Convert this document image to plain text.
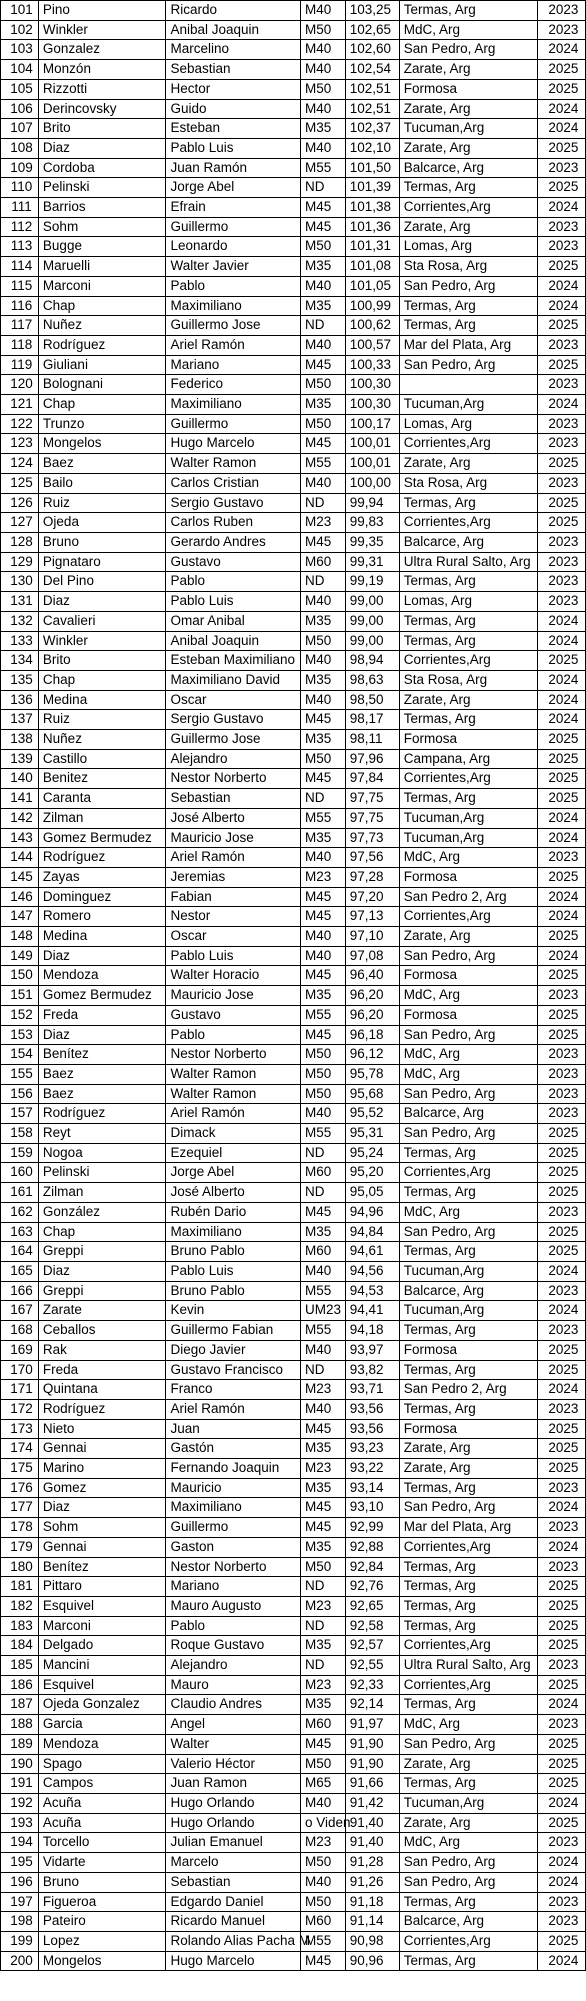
101	Pino	Ricardo	M40	103,25	Termas, Arg	2023
102	Winkler	Anibal Joaquin	M50	102,65	MdC, Arg	2023
103	Gonzalez	Marcelino	M40	102,60	San Pedro, Arg	2024
104	Monzón	Sebastian	M40	102,54	Zarate, Arg	2025
105	Rizzotti	Hector	M50	102,51	Formosa	2025
106	Derincovsky	Guido	M40	102,51	Zarate, Arg	2024
107	Brito	Esteban	M35	102,37	Tucuman,Arg	2024
108	Diaz	Pablo Luis	M40	102,10	Zarate, Arg	2025
109	Cordoba	Juan Ramón	M55	101,50	Balcarce, Arg	2023
110	Pelinski	Jorge Abel	ND	101,39	Termas, Arg	2025
111	Barrios	Efrain	M45	101,38	Corrientes,Arg	2024
112	Sohm	Guillermo	M45	101,36	Zarate, Arg	2023
113	Bugge	Leonardo	M50	101,31	Lomas, Arg	2023
114	Maruelli	Walter Javier	M35	101,08	Sta Rosa, Arg	2025
115	Marconi	Pablo	M40	101,05	San Pedro, Arg	2024
116	Chap	Maximiliano	M35	100,99	Termas, Arg	2024
117	Nuñez	Guillermo Jose	ND	100,62	Termas, Arg	2025
118	Rodríguez	Ariel Ramón	M40	100,57	Mar del Plata, Arg	2023
119	Giuliani	Mariano	M45	100,33	San Pedro, Arg	2025
120	Bolognani	Federico	M50	100,30		2023
121	Chap	Maximiliano	M35	100,30	Tucuman,Arg	2024
122	Trunzo	Guillermo	M50	100,17	Lomas, Arg	2023
123	Mongelos	Hugo Marcelo	M45	100,01	Corrientes,Arg	2023
124	Baez	Walter Ramon	M55	100,01	Zarate, Arg	2025
125	Bailo	Carlos Cristian	M40	100,00	Sta Rosa, Arg	2023
126	Ruiz	Sergio Gustavo	ND	99,94	Termas, Arg	2025
127	Ojeda	Carlos Ruben	M23	99,83	Corrientes,Arg	2025
128	Bruno	Gerardo Andres	M45	99,35	Balcarce, Arg	2023
129	Pignataro	Gustavo	M60	99,31	Ultra Rural Salto, Arg	2023
130	Del Pino	Pablo	ND	99,19	Termas, Arg	2023
131	Diaz	Pablo Luis	M40	99,00	Lomas, Arg	2023
132	Cavalieri	Omar Anibal	M35	99,00	Termas, Arg	2024
133	Winkler	Anibal Joaquin	M50	99,00	Termas, Arg	2024
134	Brito	Esteban Maximiliano	M40	98,94	Corrientes,Arg	2025
135	Chap	Maximiliano David	M35	98,63	Sta Rosa, Arg	2024
136	Medina	Oscar	M40	98,50	Zarate, Arg	2024
137	Ruiz	Sergio Gustavo	M45	98,17	Termas, Arg	2024
138	Nuñez	Guillermo Jose	M35	98,11	Formosa	2025
139	Castillo	Alejandro	M50	97,96	Campana, Arg	2025
140	Benitez	Nestor Norberto	M45	97,84	Corrientes,Arg	2025
141	Caranta	Sebastian	ND	97,75	Termas, Arg	2025
142	Zilman	José Alberto	M55	97,75	Tucuman,Arg	2024
143	Gomez Bermudez	Mauricio Jose	M35	97,73	Tucuman,Arg	2024
144	Rodríguez	Ariel Ramón	M40	97,56	MdC, Arg	2023
145	Zayas	Jeremias	M23	97,28	Formosa	2025
146	Dominguez	Fabian	M45	97,20	San Pedro 2, Arg	2024
147	Romero	Nestor	M45	97,13	Corrientes,Arg	2024
148	Medina	Oscar	M40	97,10	Zarate, Arg	2025
149	Diaz	Pablo Luis	M40	97,08	San Pedro, Arg	2024
150	Mendoza	Walter Horacio	M45	96,40	Formosa	2025
151	Gomez Bermudez	Mauricio Jose	M35	96,20	MdC, Arg	2023
152	Freda	Gustavo	M55	96,20	Formosa	2025
153	Diaz	Pablo	M45	96,18	San Pedro, Arg	2025
154	Benítez	Nestor Norberto	M50	96,12	MdC, Arg	2023
155	Baez	Walter Ramon	M50	95,78	MdC, Arg	2023
156	Baez	Walter Ramon	M50	95,68	San Pedro, Arg	2023
157	Rodríguez	Ariel Ramón	M40	95,52	Balcarce, Arg	2023
158	Reyt	Dimack	M55	95,31	San Pedro, Arg	2025
159	Nogoa	Ezequiel	ND	95,24	Termas, Arg	2025
160	Pelinski	Jorge Abel	M60	95,20	Corrientes,Arg	2025
161	Zilman	José Alberto	ND	95,05	Termas, Arg	2025
162	González	Rubén Dario	M45	94,96	MdC, Arg	2023
163	Chap	Maximiliano	M35	94,84	San Pedro, Arg	2025
164	Greppi	Bruno Pablo	M60	94,61	Termas, Arg	2025
165	Diaz	Pablo Luis	M40	94,56	Tucuman,Arg	2024
166	Greppi	Bruno Pablo	M55	94,53	Balcarce, Arg	2023
167	Zarate	Kevin	UM23	94,41	Tucuman,Arg	2024
168	Ceballos	Guillermo Fabian	M55	94,18	Termas, Arg	2023
169	Rak	Diego Javier	M40	93,97	Formosa	2025
170	Freda	Gustavo Francisco	ND	93,82	Termas, Arg	2025
171	Quintana	Franco	M23	93,71	San Pedro 2, Arg	2024
172	Rodríguez	Ariel Ramón	M40	93,56	Termas, Arg	2023
173	Nieto	Juan	M45	93,56	Formosa	2025
174	Gennai	Gastón	M35	93,23	Zarate, Arg	2025
175	Marino	Fernando Joaquin	M23	93,22	Zarate, Arg	2025
176	Gomez	Mauricio	M35	93,14	Termas, Arg	2023
177	Diaz	Maximiliano	M45	93,10	San Pedro, Arg	2024
178	Sohm	Guillermo	M45	92,99	Mar del Plata, Arg	2023
179	Gennai	Gaston	M35	92,88	Corrientes,Arg	2024
180	Benítez	Nestor Norberto	M50	92,84	Termas, Arg	2023
181	Pittaro	Mariano	ND	92,76	Termas, Arg	2025
182	Esquivel	Mauro Augusto	M23	92,65	Termas, Arg	2025
183	Marconi	Pablo	ND	92,58	Termas, Arg	2025
184	Delgado	Roque Gustavo	M35	92,57	Corrientes,Arg	2025
185	Mancini	Alejandro	ND	92,55	Ultra Rural Salto, Arg	2023
186	Esquivel	Mauro	M23	92,33	Corrientes,Arg	2025
187	Ojeda Gonzalez	Claudio Andres	M35	92,14	Termas, Arg	2024
188	Garcia	Angel	M60	91,97	MdC, Arg	2023
189	Mendoza	Walter	M45	91,90	San Pedro, Arg	2025
190	Spago	Valerio Héctor	M50	91,90	Zarate, Arg	2025
191	Campos	Juan Ramon	M65	91,66	Termas, Arg	2025
192	Acuña	Hugo Orlando	M40	91,42	Tucuman,Arg	2024
193	Acuña	Hugo Orlando	o Viden	91,40	Zarate, Arg	2025
194	Torcello	Julian Emanuel	M23	91,40	MdC, Arg	2023
195	Vidarte	Marcelo	M50	91,28	San Pedro, Arg	2024
196	Bruno	Sebastian	M40	91,26	San Pedro, Arg	2024
197	Figueroa	Edgardo Daniel	M50	91,18	Termas, Arg	2023
198	Pateiro	Ricardo Manuel	M60	91,14	Balcarce, Arg	2023
199	Lopez	Rolando Alias Pacha M	M55	90,98	Corrientes,Arg	2025
200	Mongelos	Hugo Marcelo	M45	90,96	Termas, Arg	2024
